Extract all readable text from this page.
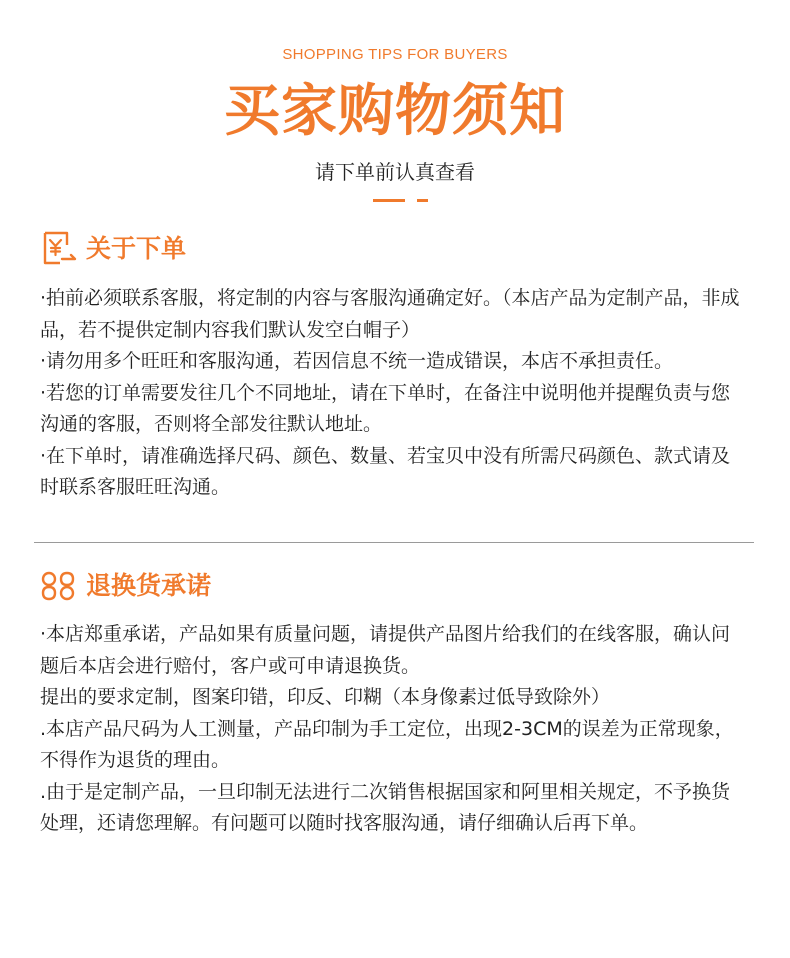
SHOPPING TIPS FOR BUYERS
买家购物须知
请下单前认真查看
关于下单

·拍前必须联系客服，将定制的内容与客服沟通确定好。（本店产品为定制产品，非成品，若不提供定制内容我们默认发空白帽子）

·请勿用多个旺旺和客服沟通，若因信息不统一造成错误，本店不承担责任。

·若您的订单需要发往几个不同地址，请在下单时，在备注中说明他并提醒负责与您沟通的客服，否则将全部发往默认地址。

·在下单时，请准确选择尺码、颜色、数量、若宝贝中没有所需尺码颜色、款式请及时联系客服旺旺沟通。

退换货承诺

·本店郑重承诺，产品如果有质量问题，请提供产品图片给我们的在线客服，确认问题后本店会进行赔付，客户或可申请退换货。

提出的要求定制，图案印错，印反、印糊（本身像素过低导致除外）

.本店产品尺码为人工测量，产品印制为手工定位，出现2-3CM的误差为正常现象，不得作为退货的理由。

.由于是定制产品，一旦印制无法进行二次销售根据国家和阿里相关规定，不予换货处理，还请您理解。有问题可以随时找客服沟通，请仔细确认后再下单。
